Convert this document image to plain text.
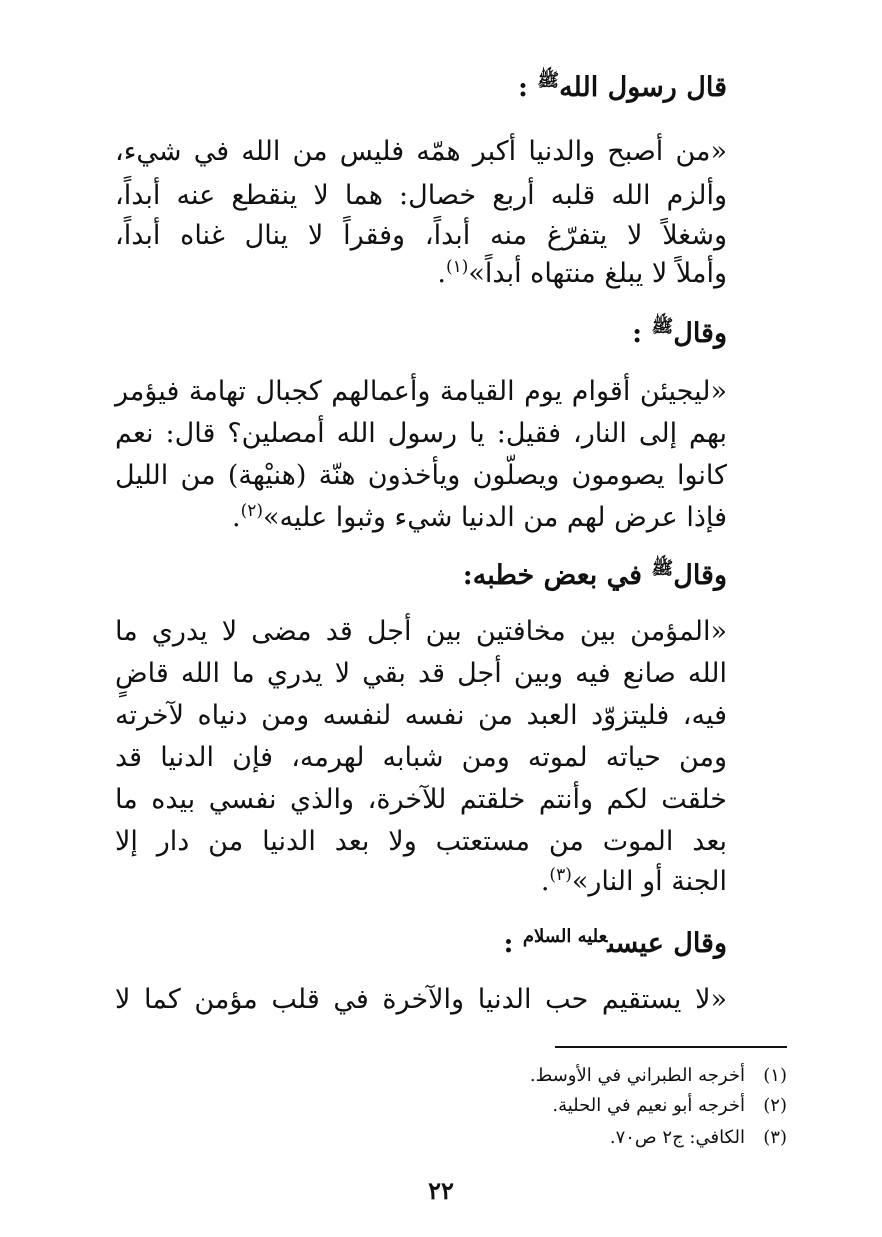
قال رسول الله$^ﷺ$ :
«من أصبح والدنيا أكبر همّه فليس من الله في شيء،
وألزم الله قلبه أربع خصال: هما لا ينقطع عنه أبداً،
وشغلاً لا يتفرّغ منه أبداً، وفقراً لا ينال غناه أبداً،
وأملاً لا يبلغ منتهاه أبداً»$^{(١)}$.
وقال$^ﷺ$ :
«ليجيئن أقوام يوم القيامة وأعمالهم كجبال تهامة فيؤمر
بهم إلى النار، فقيل: يا رسول الله أمصلين؟ قال: نعم
كانوا يصومون ويصلّون ويأخذون هنّة (هنيْهة) من الليل
فإذا عرض لهم من الدنيا شيء وثبوا عليه»$^{(٢)}$.
وقال$^ﷺ$ في بعض خطبه:
«المؤمن بين مخافتين بين أجل قد مضى لا يدري ما
الله صانع فيه وبين أجل قد بقي لا يدري ما الله قاضٍ
فيه، فليتزوّد العبد من نفسه لنفسه ومن دنياه لآخرته
ومن حياته لموته ومن شبابه لهرمه، فإن الدنيا قد
خلقت لكم وأنتم خلقتم للآخرة، والذي نفسي بيده ما
بعد الموت من مستعتب ولا بعد الدنيا من دار إلا
الجنة أو النار»$^{(٣)}$.
وقال عيسى$^{عليه السلام}$ :
«لا يستقيم حب الدنيا والآخرة في قلب مؤمن كما لا
(١)أخرجه الطبراني في الأوسط.
(٢)أخرجه أبو نعيم في الحلية.
(٣)الكافي: ج٢ ص٧٠.
٢٢
